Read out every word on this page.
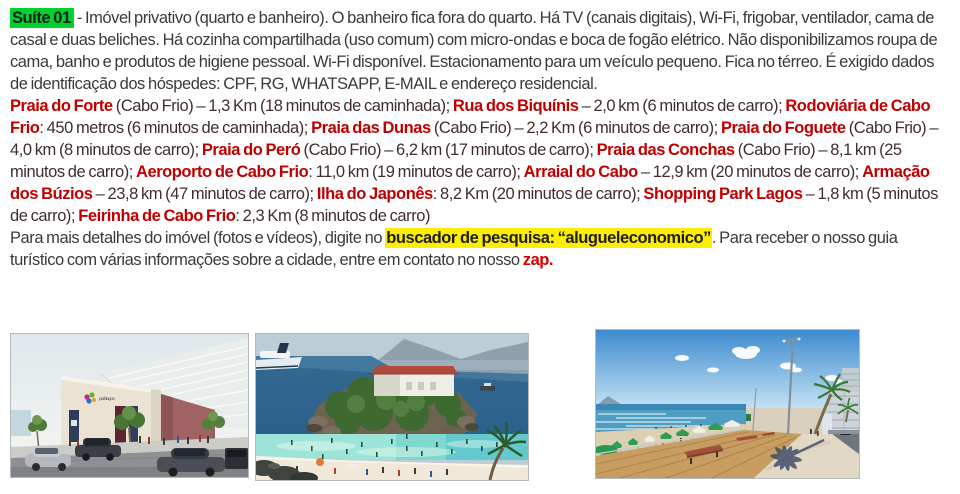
Suíte 01 - Imóvel privativo (quarto e banheiro). O banheiro fica fora do quarto. Há TV (canais digitais), Wi-Fi, frigobar, ventilador, cama de casal e duas beliches. Há cozinha compartilhada (uso comum) com micro-ondas e boca de fogão elétrico. Não disponibilizamos roupa de cama, banho e produtos de higiene pessoal. Wi-Fi disponível. Estacionamento para um veículo pequeno. Fica no térreo. É exigido dados de identificação dos hóspedes: CPF, RG, WHATSAPP, E-MAIL e endereço residencial.

Praia do Forte (Cabo Frio) – 1,3 Km (18 minutos de caminhada); Rua dos Biquínis – 2,0 km (6 minutos de carro); Rodoviária de Cabo Frio: 450 metros (6 minutos de caminhada); Praia das Dunas (Cabo Frio) – 2,2 Km (6 minutos de carro); Praia do Foguete (Cabo Frio) – 4,0 km (8 minutos de carro); Praia do Peró (Cabo Frio) – 6,2 km (17 minutos de carro); Praia das Conchas (Cabo Frio) – 8,1 km (25 minutos de carro); Aeroporto de Cabo Frio: 11,0 km (19 minutos de carro); Arraial do Cabo – 12,9 km (20 minutos de carro); Armação dos Búzios – 23,8 km (47 minutos de carro); Ilha do Japonês: 8,2 Km (20 minutos de carro); Shopping Park Lagos – 1,8 km (5 minutos de carro); Feirinha de Cabo Frio: 2,3 Km (8 minutos de carro)

Para mais detalhes do imóvel (fotos e vídeos), digite no buscador de pesquisa: “alugueleconomico”. Para receber o nosso guia turístico com várias informações sobre a cidade, entre em contato no nosso zap.

park lagos
